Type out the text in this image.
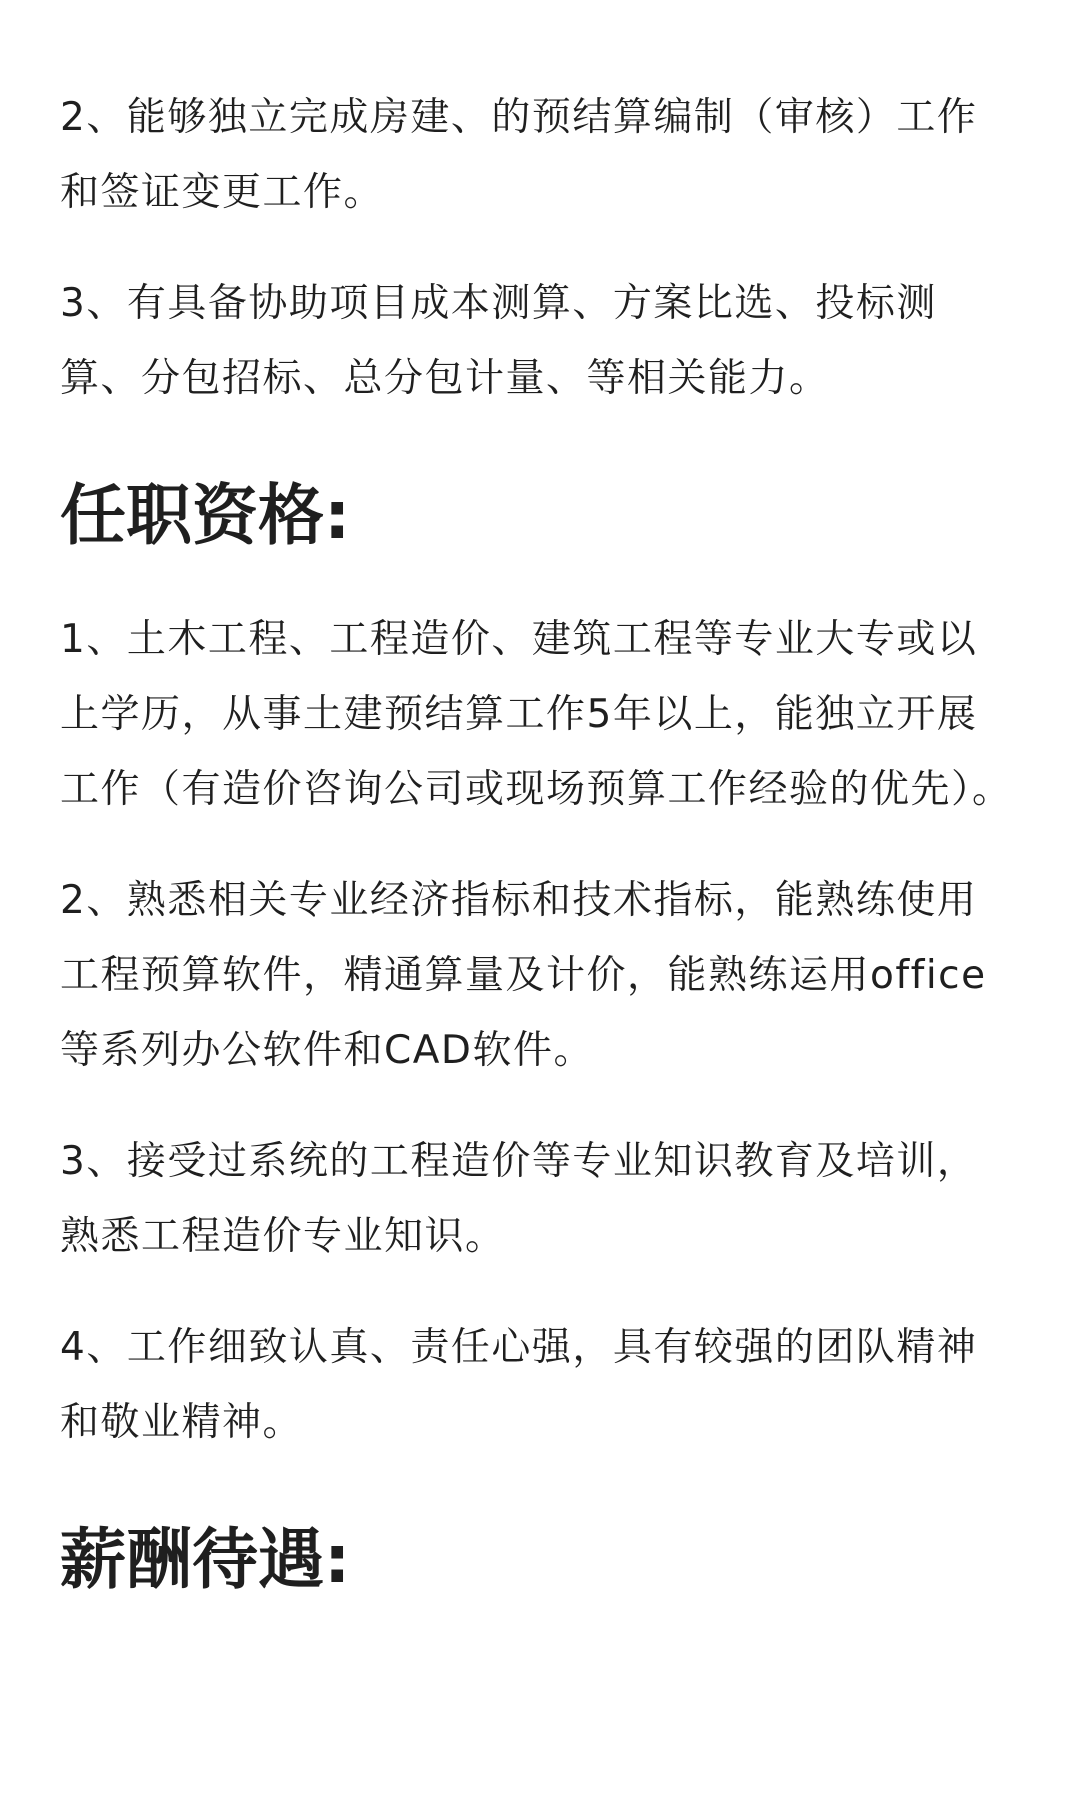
2、能够独立完成房建、的预结算编制（审核）工作和签证变更工作。

3、有具备协助项目成本测算、方案比选、投标测算、分包招标、总分包计量、等相关能力。

任职资格:

1、土木工程、工程造价、建筑工程等专业大专或以上学历，从事土建预结算工作5年以上，能独立开展工作（有造价咨询公司或现场预算工作经验的优先）。

2、熟悉相关专业经济指标和技术指标，能熟练使用工程预算软件，精通算量及计价，能熟练运用office等系列办公软件和CAD软件。

3、接受过系统的工程造价等专业知识教育及培训，熟悉工程造价专业知识。

4、工作细致认真、责任心强，具有较强的团队精神和敬业精神。

薪酬待遇:
